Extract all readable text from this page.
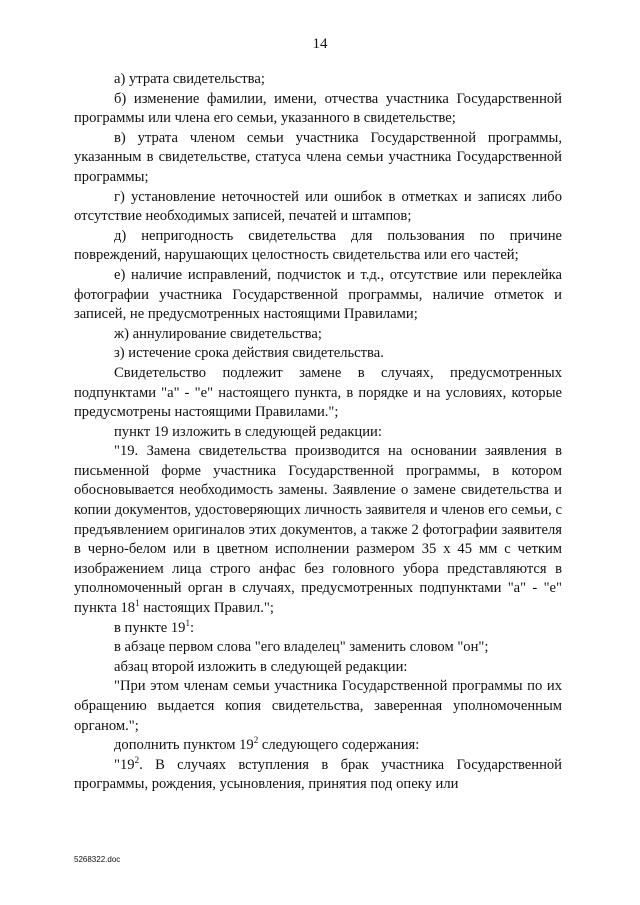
14

а) утрата свидетельства;

б) изменение фамилии, имени, отчества участника Государственной программы или члена его семьи, указанного в свидетельстве;

в) утрата членом семьи участника Государственной программы, указанным в свидетельстве, статуса члена семьи участника Государственной программы;

г) установление неточностей или ошибок в отметках и записях либо отсутствие необходимых записей, печатей и штампов;

д) непригодность свидетельства для пользования по причине повреждений, нарушающих целостность свидетельства или его частей;

е) наличие исправлений, подчисток и т.д., отсутствие или переклейка фотографии участника Государственной программы, наличие отметок и записей, не предусмотренных настоящими Правилами;

ж) аннулирование свидетельства;

з) истечение срока действия свидетельства.

Свидетельство подлежит замене в случаях, предусмотренных подпунктами "а" - "е" настоящего пункта, в порядке и на условиях, которые предусмотрены настоящими Правилами.";

пункт 19 изложить в следующей редакции:

"19. Замена свидетельства производится на основании заявления в письменной форме участника Государственной программы, в котором обосновывается необходимость замены. Заявление о замене свидетельства и копии документов, удостоверяющих личность заявителя и членов его семьи, с предъявлением оригиналов этих документов, а также 2 фотографии заявителя в черно-белом или в цветном исполнении размером 35 х 45 мм с четким изображением лица строго анфас без головного убора представляются в уполномоченный орган в случаях, предусмотренных подпунктами "а" - "е" пункта $18^1$ настоящих Правил.";

в пункте $19^1$:

в абзаце первом слова "его владелец" заменить словом "он";

абзац второй изложить в следующей редакции:

"При этом членам семьи участника Государственной программы по их обращению выдается копия свидетельства, заверенная уполномоченным органом.";

дополнить пунктом $19^2$ следующего содержания:

"$19^2$. В случаях вступления в брак участника Государственной программы, рождения, усыновления, принятия под опеку или

5268322.doc
